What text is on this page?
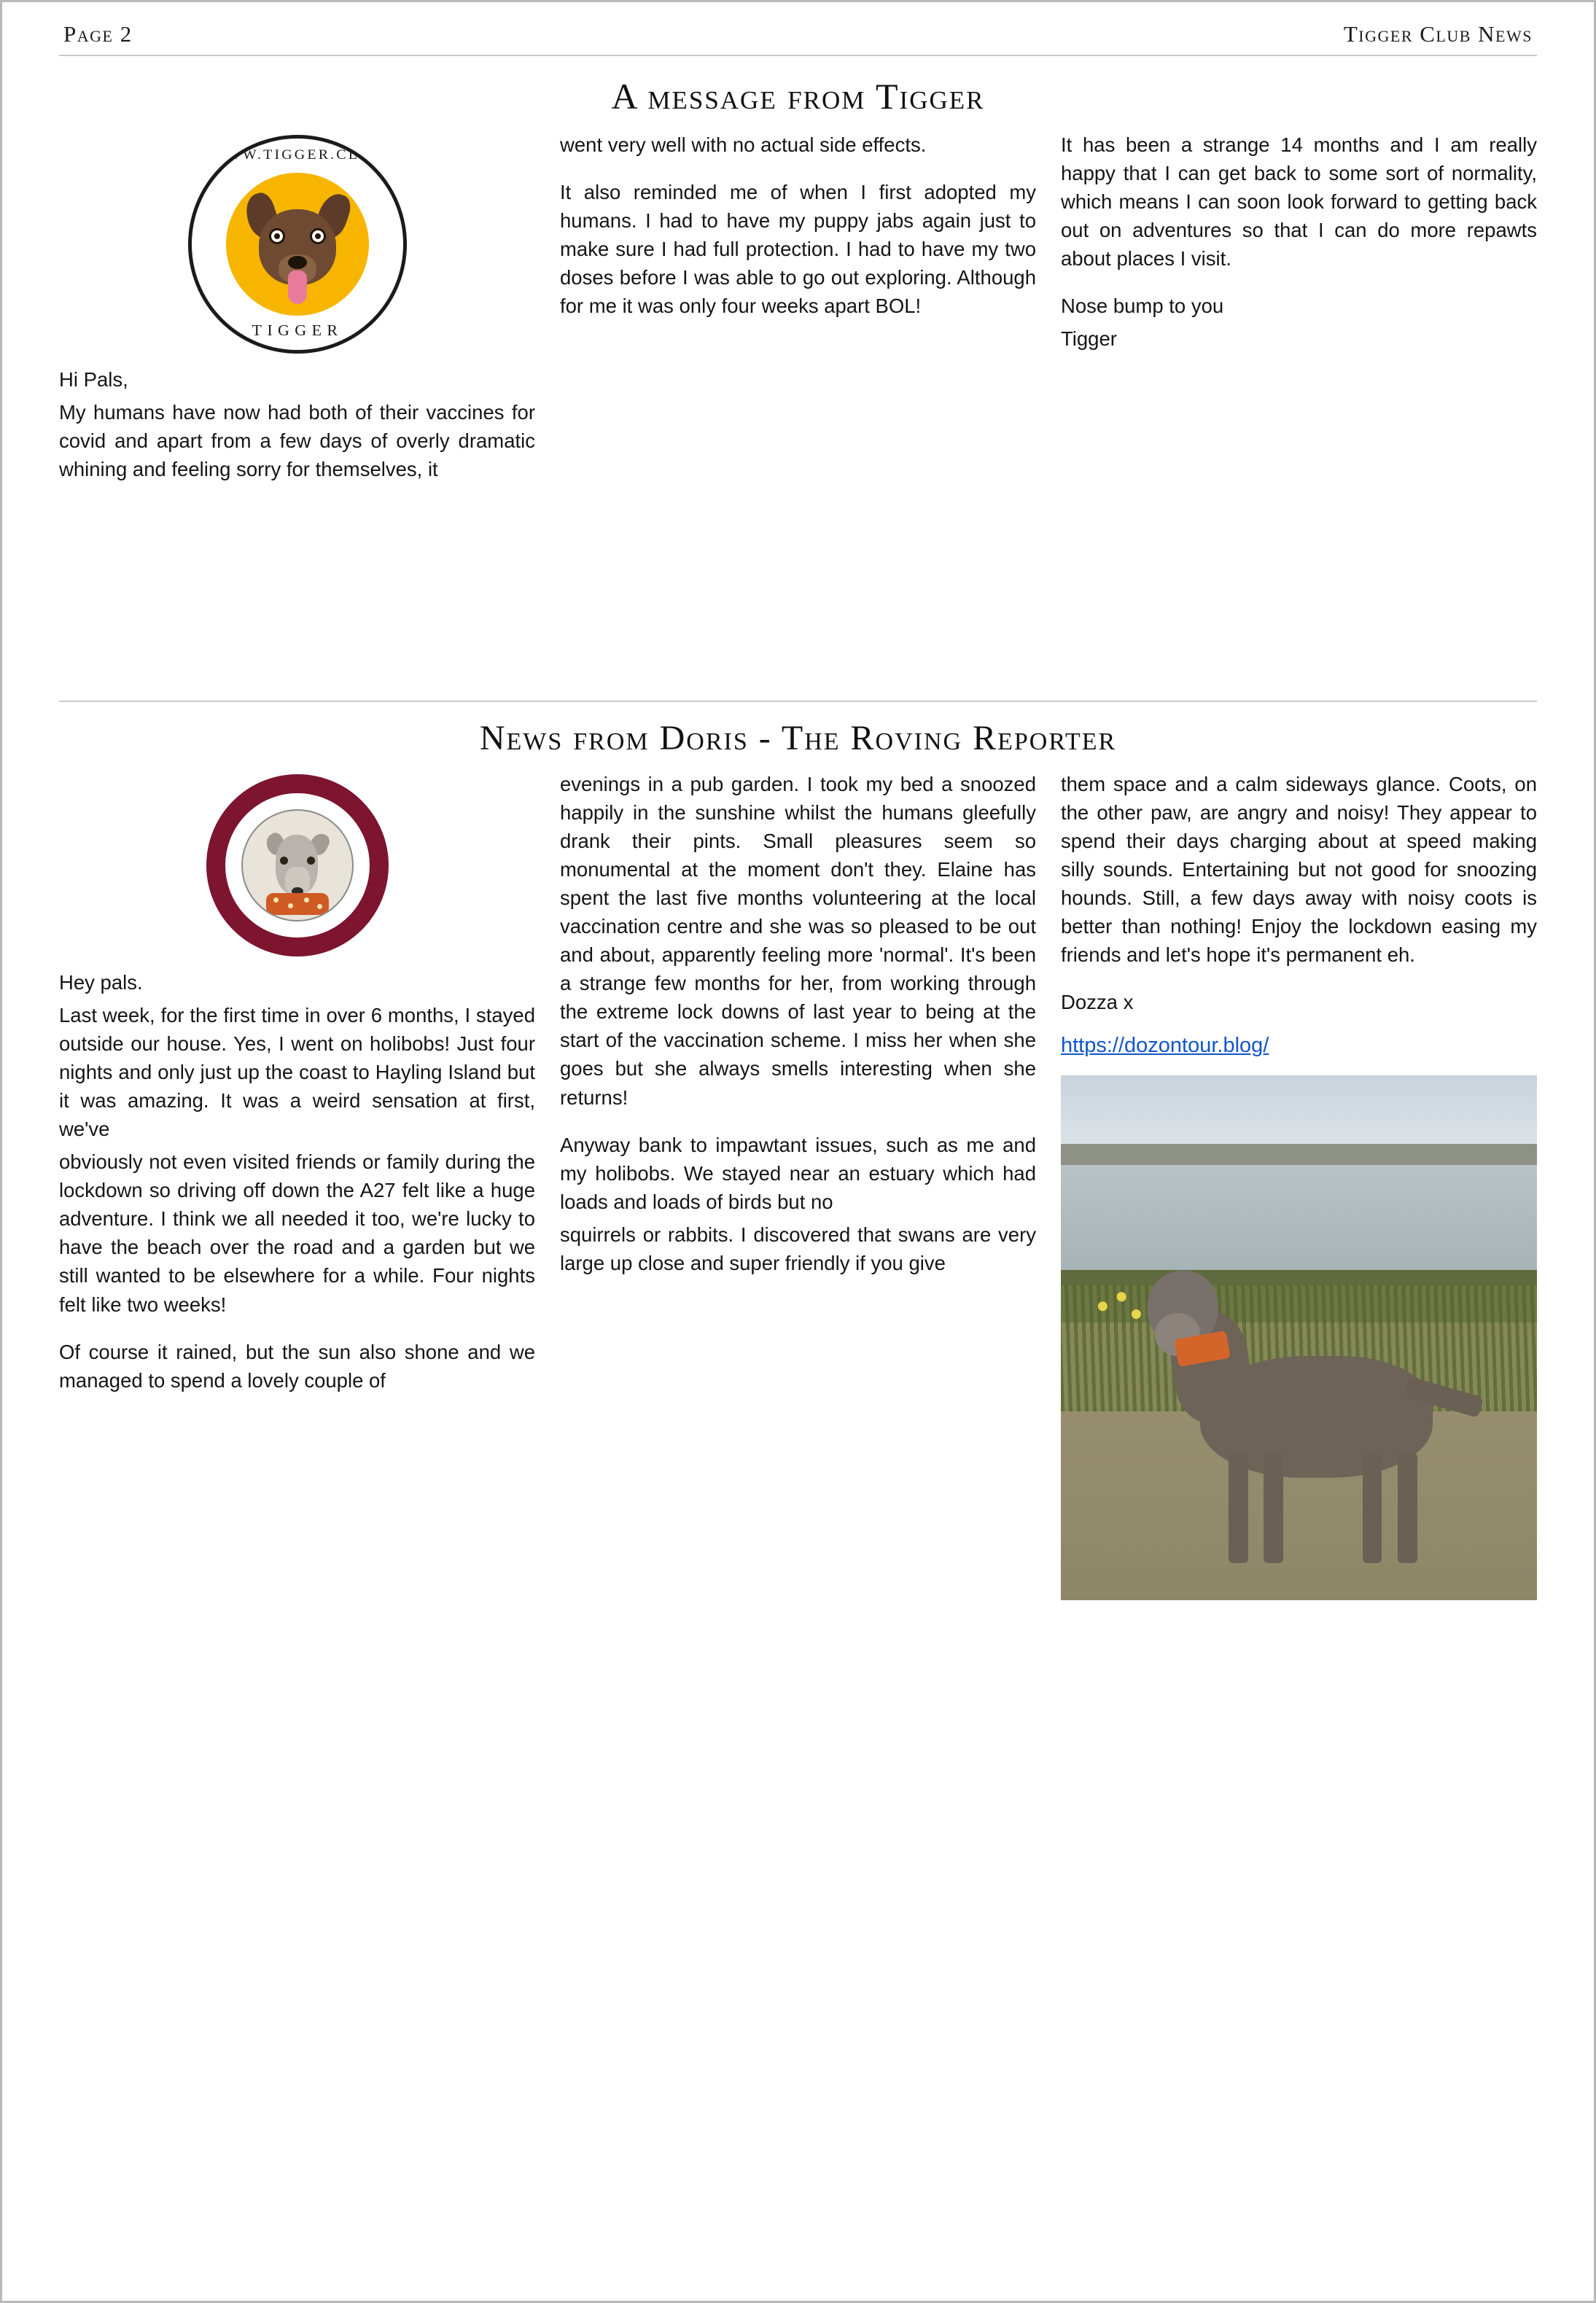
Page 2	Tigger Club News
A message from Tigger
WWW.TIGGER.CLUB
TIGGER

Hi Pals,

My humans have now had both of their vaccines for covid and apart from a few days of overly dramatic whining and feeling sorry for themselves, it

went very well with no actual side effects.

It also reminded me of when I first adopted my humans. I had to have my puppy jabs again just to make sure I had full protection. I had to have my two doses before I was able to go out exploring. Although for me it was only four weeks apart BOL!

It has been a strange 14 months and I am really happy that I can get back to some sort of normality, which means I can soon look forward to getting back out on adventures so that I can do more repawts about places I visit.

Nose bump to you

Tigger

News from Doris - The Roving Reporter
DOZ ON TOUR
DOZ ON TOUR

Hey pals.

Last week, for the first time in over 6 months, I stayed outside our house. Yes, I went on holibobs! Just four nights and only just up the coast to Hayling Island but it was amazing. It was a weird sensation at first, we've

obviously not even visited friends or family during the lockdown so driving off down the A27 felt like a huge adventure. I think we all needed it too, we're lucky to have the beach over the road and a garden but we still wanted to be elsewhere for a while. Four nights felt like two weeks!

Of course it rained, but the sun also shone and we managed to spend a lovely couple of

evenings in a pub garden. I took my bed a snoozed happily in the sunshine whilst the humans gleefully drank their pints. Small pleasures seem so monumental at the moment don't they. Elaine has spent the last five months volunteering at the local vaccination centre and she was so pleased to be out and about, apparently feeling more 'normal'. It's been a strange few months for her, from working through the extreme lock downs of last year to being at the start of the vaccination scheme. I miss her when she goes but she always smells interesting when she returns!

Anyway bank to impawtant issues, such as me and my holibobs. We stayed near an estuary which had loads and loads of birds but no

squirrels or rabbits. I discovered that swans are very large up close and super friendly if you give

them space and a calm sideways glance. Coots, on the other paw, are angry and noisy! They appear to spend their days charging about at speed making silly sounds. Entertaining but not good for snoozing hounds. Still, a few days away with noisy coots is better than nothing! Enjoy the lockdown easing my friends and let's hope it's permanent eh.

Dozza x

https://dozontour.blog/
